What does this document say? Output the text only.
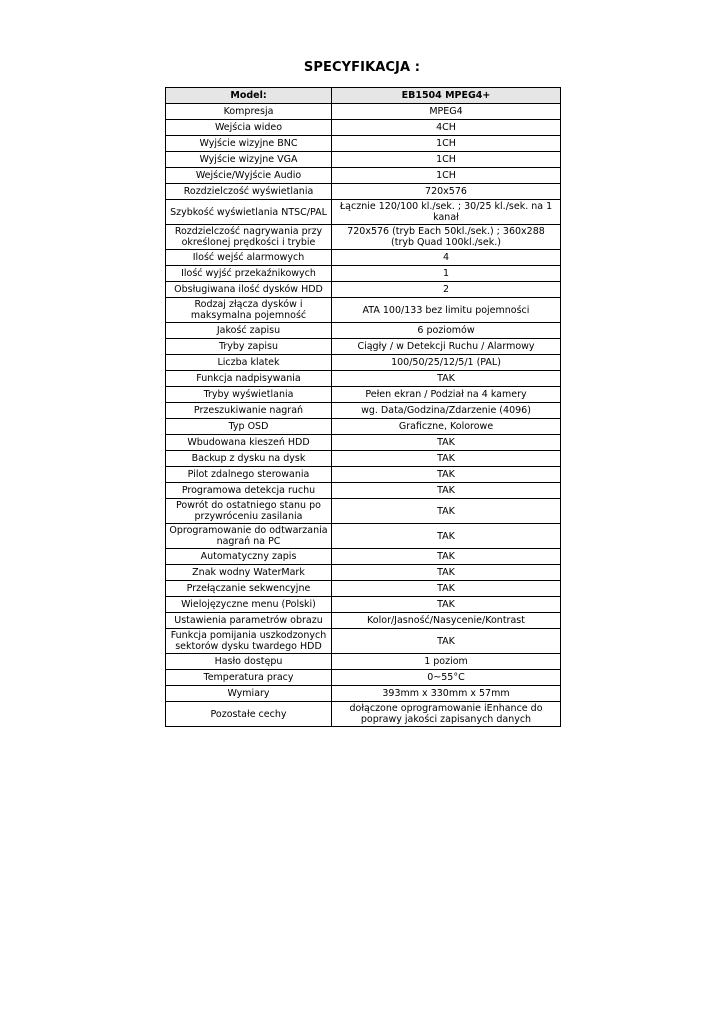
SPECYFIKACJA :
Model:	EB1504 MPEG4+
Kompresja	MPEG4
Wejścia wideo	4CH
Wyjście wizyjne BNC	1CH
Wyjście wizyjne VGA	1CH
Wejście/Wyjście Audio	1CH
Rozdzielczość wyświetlania	720x576
Szybkość wyświetlania NTSC/PAL	Łącznie 120/100 kl./sek. ; 30/25 kl./sek. na 1 kanał
Rozdzielczość nagrywania przy określonej prędkości i trybie	720x576 (tryb Each 50kl./sek.) ; 360x288 (tryb Quad 100kl./sek.)
Ilość wejść alarmowych	4
Ilość wyjść przekaźnikowych	1
Obsługiwana ilość dysków HDD	2
Rodzaj złącza dysków i maksymalna pojemność	ATA 100/133 bez limitu pojemności
Jakość zapisu	6 poziomów
Tryby zapisu	Ciągły / w Detekcji Ruchu / Alarmowy
Liczba klatek	100/50/25/12/5/1 (PAL)
Funkcja nadpisywania	TAK
Tryby wyświetlania	Pełen ekran / Podział na 4 kamery
Przeszukiwanie nagrań	wg. Data/Godzina/Zdarzenie (4096)
Typ OSD	Graficzne, Kolorowe
Wbudowana kieszeń HDD	TAK
Backup z dysku na dysk	TAK
Pilot zdalnego sterowania	TAK
Programowa detekcja ruchu	TAK
Powrót do ostatniego stanu po przywróceniu zasilania	TAK
Oprogramowanie do odtwarzania nagrań na PC	TAK
Automatyczny zapis	TAK
Znak wodny WaterMark	TAK
Przełączanie sekwencyjne	TAK
Wielojęzyczne menu (Polski)	TAK
Ustawienia parametrów obrazu	Kolor/Jasność/Nasycenie/Kontrast
Funkcja pomijania uszkodzonych sektorów dysku twardego HDD	TAK
Hasło dostępu	1 poziom
Temperatura pracy	0~55°C
Wymiary	393mm x 330mm x 57mm
Pozostałe cechy	dołączone oprogramowanie iEnhance do poprawy jakości zapisanych danych
